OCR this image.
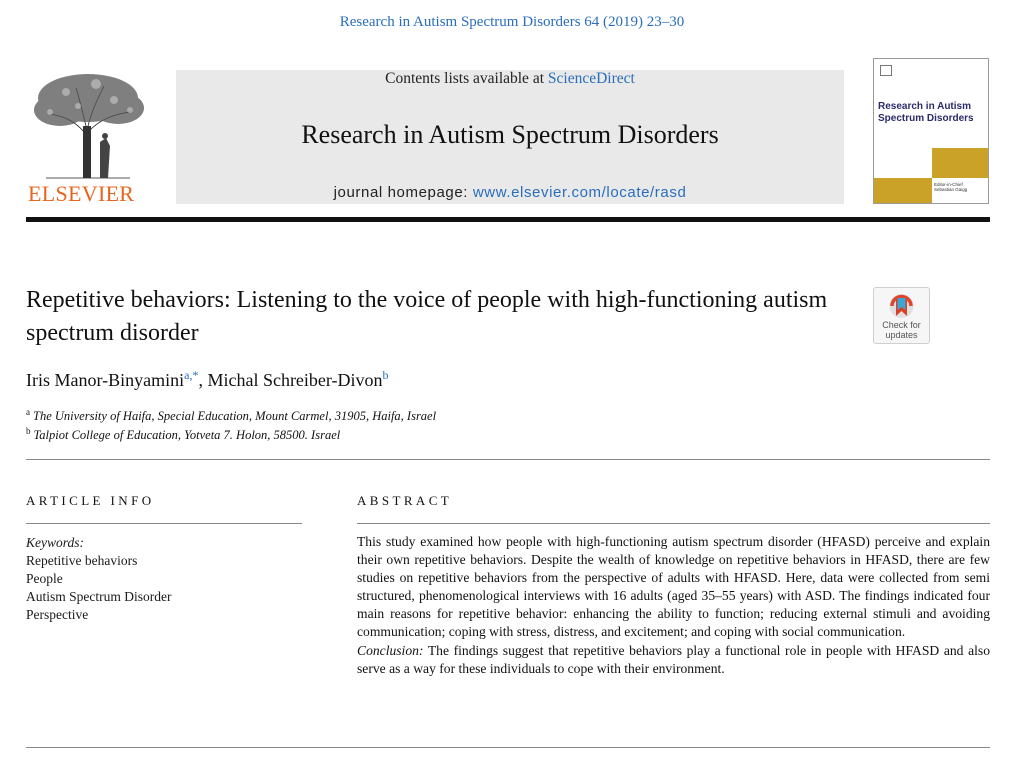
Research in Autism Spectrum Disorders 64 (2019) 23–30
ELSEVIER
Contents lists available at ScienceDirect
Research in Autism Spectrum Disorders
journal homepage: www.elsevier.com/locate/rasd
Research in Autism Spectrum Disorders
Editor-in-Chief
Sebastian Gaigg
Repetitive behaviors: Listening to the voice of people with high-functioning autism spectrum disorder	Check for
updates
Iris Manor-Binyamini$^{a,*}$, Michal Schreiber-Divon$^b$
$^a$ The University of Haifa, Special Education, Mount Carmel, 31905, Haifa, Israel
$^b$ Talpiot College of Education, Yotveta 7. Holon, 58500. Israel
ARTICLE INFO
Keywords:
Repetitive behaviors
People
Autism Spectrum Disorder
Perspective
ABSTRACT

This study examined how people with high-functioning autism spectrum disorder (HFASD) perceive and explain their own repetitive behaviors. Despite the wealth of knowledge on repetitive behaviors in HFASD, there are few studies on repetitive behaviors from the perspective of adults with HFASD. Here, data were collected from semi structured, phenomenological interviews with 16 adults (aged 35–55 years) with ASD. The findings indicated four main reasons for repetitive behavior: enhancing the ability to function; reducing external stimuli and avoiding communication; coping with stress, distress, and excitement; and coping with social communication.

Conclusion: The findings suggest that repetitive behaviors play a functional role in people with HFASD and also serve as a way for these individuals to cope with their environment.
